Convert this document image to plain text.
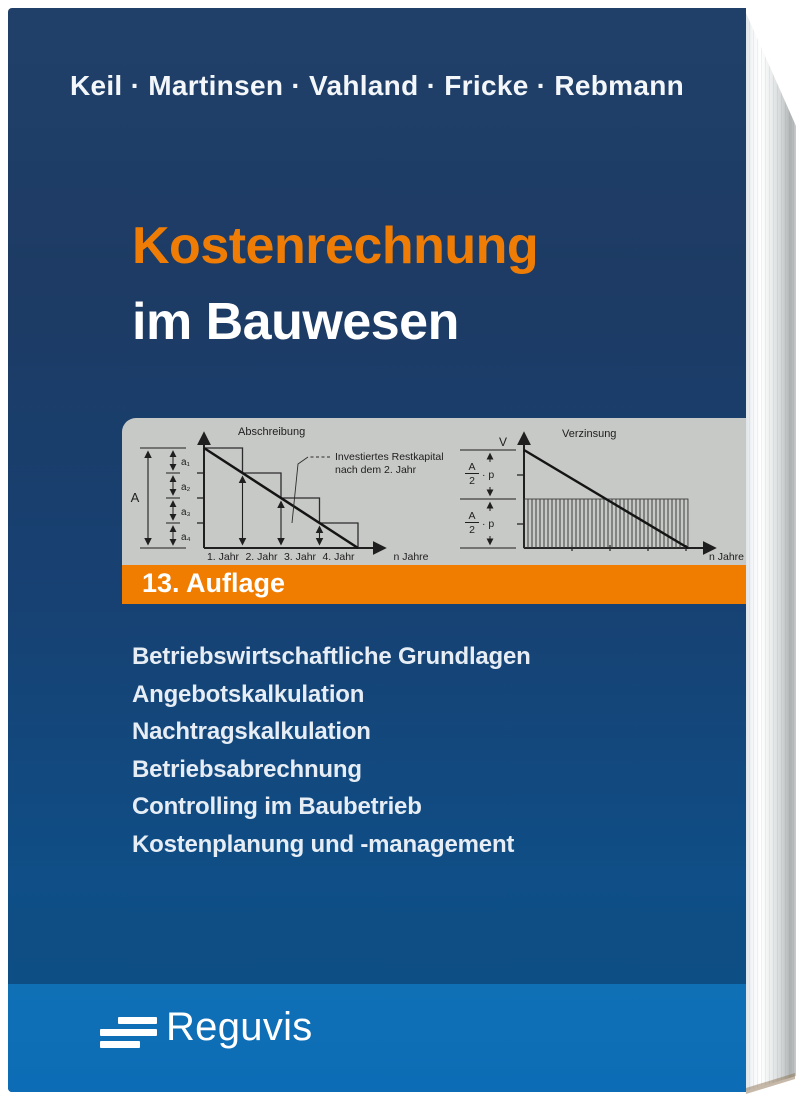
Keil · Martinsen · Vahland · Fricke · Rebmann
Kostenrechnung
im Bauwesen
Abschreibung
A
a₁
a₂
a₃
a₄
1. Jahr 2. Jahr 3. Jahr 4. Jahr	n Jahre
Investiertes Restkapital
nach dem 2. Jahr
Verzinsung
V
A
2 · p
A
2 · p
n Jahre
13. Auflage
Betriebswirtschaftliche Grundlagen
Angebotskalkulation
Nachtragskalkulation
Betriebsabrechnung
Controlling im Baubetrieb
Kostenplanung und -management
Reguvis
